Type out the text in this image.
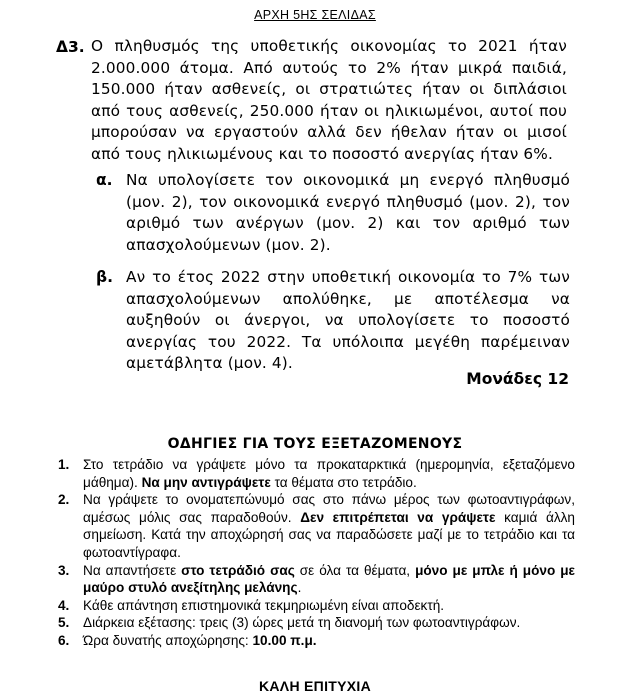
ΑΡΧΗ 5ΗΣ ΣΕΛΙΔΑΣ
Δ3. Ο πληθυσμός της υποθετικής οικονομίας το 2021 ήταν 2.000.000 άτομα. Από αυτούς το 2% ήταν μικρά παιδιά, 150.000 ήταν ασθενείς, οι στρατιώτες ήταν οι διπλάσιοι από τους ασθενείς, 250.000 ήταν οι ηλικιωμένοι, αυτοί που μπορούσαν να εργαστούν αλλά δεν ήθελαν ήταν οι μισοί από τους ηλικιωμένους και το ποσοστό ανεργίας ήταν 6%.
α. Να υπολογίσετε τον οικονομικά μη ενεργό πληθυσμό (μον. 2), τον οικονομικά ενεργό πληθυσμό (μον. 2), τον αριθμό των ανέργων (μον. 2) και τον αριθμό των απασχολούμενων (μον. 2).
β. Αν το έτος 2022 στην υποθετική οικονομία το 7% των απασχολούμενων απολύθηκε, με αποτέλεσμα να αυξηθούν οι άνεργοι, να υπολογίσετε το ποσοστό ανεργίας του 2022. Τα υπόλοιπα μεγέθη παρέμειναν αμετάβλητα (μον. 4).
Μονάδες 12
ΟΔΗΓΙΕΣ ΓΙΑ ΤΟΥΣ ΕΞΕΤΑΖΟΜΕΝΟΥΣ
1. Στο τετράδιο να γράψετε μόνο τα προκαταρκτικά (ημερομηνία, εξεταζόμενο μάθημα). Να μην αντιγράψετε τα θέματα στο τετράδιο.
2. Να γράψετε το ονοματεπώνυμό σας στο πάνω μέρος των φωτοαντιγράφων, αμέσως μόλις σας παραδοθούν. Δεν επιτρέπεται να γράψετε καμιά άλλη σημείωση. Κατά την αποχώρησή σας να παραδώσετε μαζί με το τετράδιο και τα φωτοαντίγραφα.
3. Να απαντήσετε στο τετράδιό σας σε όλα τα θέματα, μόνο με μπλε ή μόνο με μαύρο στυλό ανεξίτηλης μελάνης.
4. Κάθε απάντηση επιστημονικά τεκμηριωμένη είναι αποδεκτή.
5. Διάρκεια εξέτασης: τρεις (3) ώρες μετά τη διανομή των φωτοαντιγράφων.
6. Ώρα δυνατής αποχώρησης: 10.00 π.μ.
ΚΑΛΗ ΕΠΙΤΥΧΙΑ
